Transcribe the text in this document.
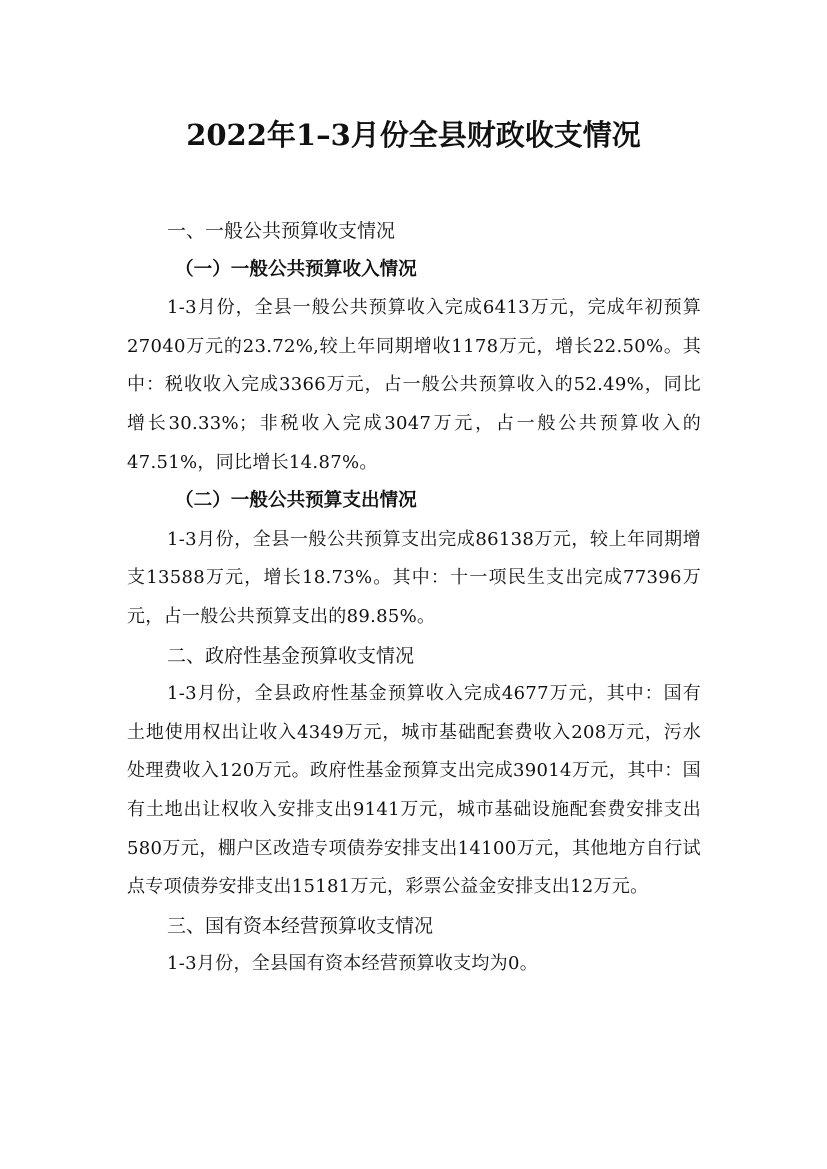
2022年1–3月份全县财政收支情况

一、一般公共预算收支情况

（一）一般公共预算收入情况

1-3月份，全县一般公共预算收入完成6413万元，完成年初预算27040万元的23.72%,较上年同期增收1178万元，增长22.50%。其中：税收收入完成3366万元，占一般公共预算收入的52.49%，同比增长30.33%；非税收入完成3047万元，占一般公共预算收入的47.51%，同比增长14.87%。

（二）一般公共预算支出情况

1-3月份，全县一般公共预算支出完成86138万元，较上年同期增支13588万元，增长18.73%。其中：十一项民生支出完成77396万元，占一般公共预算支出的89.85%。

二、政府性基金预算收支情况

1-3月份，全县政府性基金预算收入完成4677万元，其中：国有土地使用权出让收入4349万元，城市基础配套费收入208万元，污水处理费收入120万元。政府性基金预算支出完成39014万元，其中：国有土地出让权收入安排支出9141万元，城市基础设施配套费安排支出580万元，棚户区改造专项债券安排支出14100万元，其他地方自行试点专项债券安排支出15181万元，彩票公益金安排支出12万元。

三、国有资本经营预算收支情况

1-3月份，全县国有资本经营预算收支均为0。
